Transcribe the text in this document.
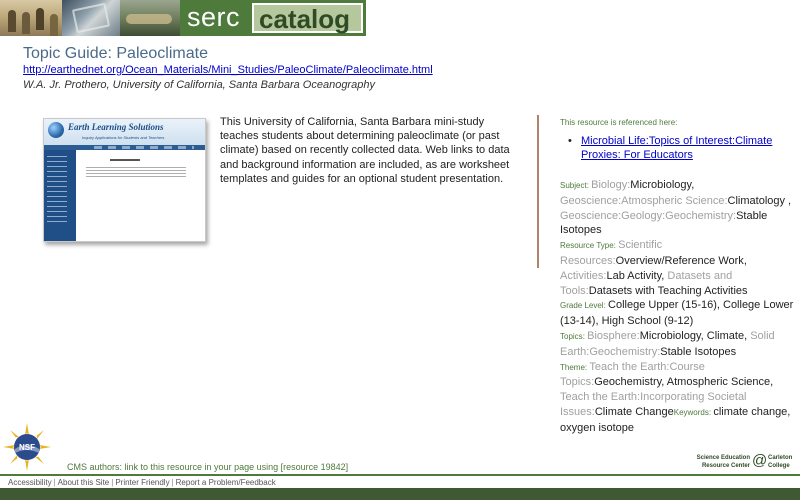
serc catalog
Topic Guide: Paleoclimate
http://earthednet.org/Ocean_Materials/Mini_Studies/PaleoClimate/Paleoclimate.html
W.A. Jr. Prothero, University of California, Santa Barbara Oceanography
Earth Learning Solutions
Inquiry Applications for Students and Teachers

This University of California, Santa Barbara mini-study teaches students about determining paleoclimate (or past climate) based on recently collected data. Web links to data and background information are included, as are worksheet templates and guides for an optional student presentation.

This resource is referenced here:
• Microbial Life:Topics of Interest:Climate Proxies: For Educators
Subject: Biology:Microbiology, Geoscience:Atmospheric Science:Climatology , Geoscience:Geology:Geochemistry:Stable Isotopes
Resource Type: Scientific Resources:Overview/Reference Work, Activities:Lab Activity, Datasets and Tools:Datasets with Teaching Activities
Grade Level: College Upper (15-16), College Lower (13-14), High School (9-12)
Topics: Biosphere:Microbiology, Climate, Solid Earth:Geochemistry:Stable Isotopes
Theme: Teach the Earth:Course Topics:Geochemistry, Atmospheric Science, Teach the Earth:Incorporating Societal Issues:Climate ChangeKeywords: climate change, oxygen isotope
NSF
CMS authors: link to this resource in your page using [resource 19842]
Science Education
Resource Center @ Carleton
College
Accessibility | About this Site | Printer Friendly | Report a Problem/Feedback
